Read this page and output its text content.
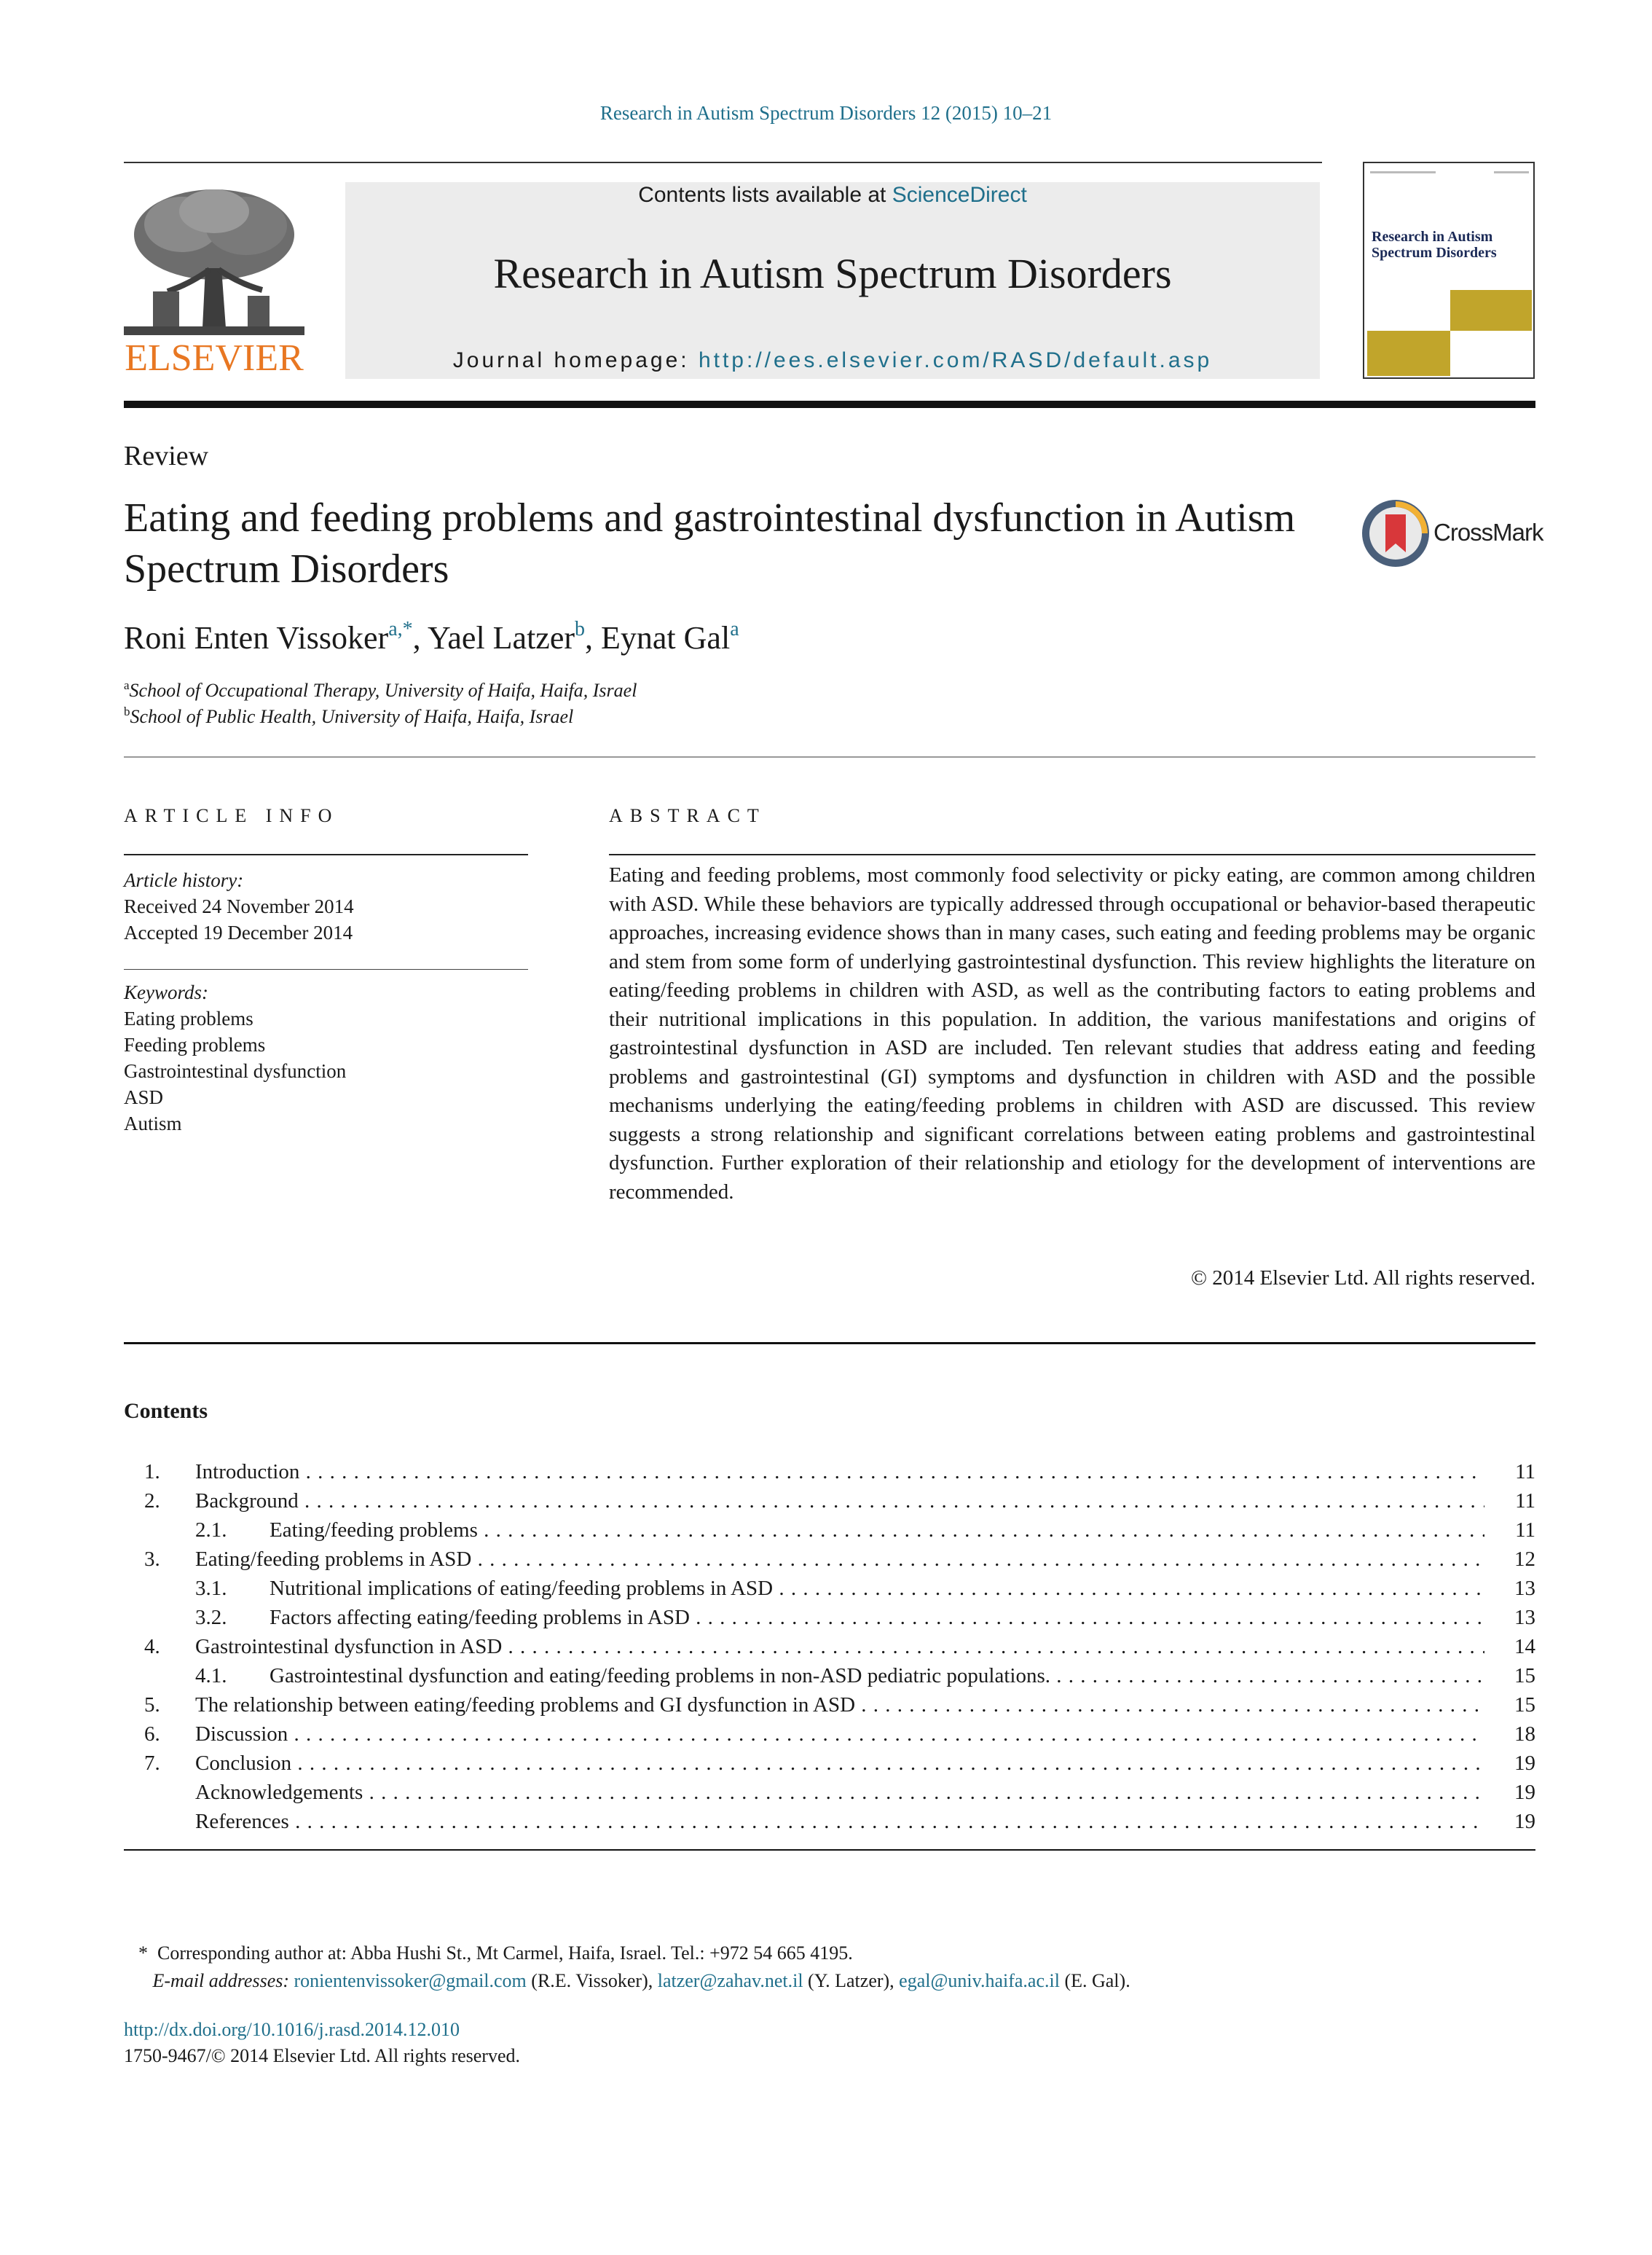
Research in Autism Spectrum Disorders 12 (2015) 10–21
ELSEVIER
Contents lists available at ScienceDirect
Research in Autism Spectrum Disorders
Journal homepage: http://ees.elsevier.com/RASD/default.asp
Research in Autism Spectrum Disorders
Review
Eating and feeding problems and gastrointestinal dysfunction in Autism Spectrum Disorders
CrossMark
Roni Enten Vissoker$^{a,*}$, Yael Latzer$^b$, Eynat Gal$^a$
$^a$School of Occupational Therapy, University of Haifa, Haifa, Israel
$^b$School of Public Health, University of Haifa, Haifa, Israel
ARTICLE INFO
Article history:
Received 24 November 2014
Accepted 19 December 2014
Keywords:
Eating problems
Feeding problems
Gastrointestinal dysfunction
ASD
Autism
ABSTRACT

Eating and feeding problems, most commonly food selectivity or picky eating, are common among children with ASD. While these behaviors are typically addressed through occupational or behavior-based therapeutic approaches, increasing evidence shows than in many cases, such eating and feeding problems may be organic and stem from some form of underlying gastrointestinal dysfunction. This review highlights the literature on eating/feeding problems in children with ASD, as well as the contributing factors to eating problems and their nutritional implications in this population. In addition, the various manifestations and origins of gastrointestinal dysfunction in ASD are included. Ten relevant studies that address eating and feeding problems and gastrointestinal (GI) symptoms and dysfunction in children with ASD and the possible mechanisms underlying the eating/feeding problems in children with ASD are discussed. This review suggests a strong relationship and significant correlations between eating problems and gastrointestinal dysfunction. Further exploration of their relationship and etiology for the development of interventions are recommended.

© 2014 Elsevier Ltd. All rights reserved.
Contents
1.	Introduction . . .	11
2.	Background . . .	11
2.1. Eating/feeding problems . . .	11
3.	Eating/feeding problems in ASD . . .	12
3.1. Nutritional implications of eating/feeding problems in ASD . . .	13
3.2. Factors affecting eating/feeding problems in ASD . . .	13
4.	Gastrointestinal dysfunction in ASD . . .	14
4.1. Gastrointestinal dysfunction and eating/feeding problems in non-ASD pediatric populations. . . .	15
5.	The relationship between eating/feeding problems and GI dysfunction in ASD . . .	15
6.	Discussion . . .	18
7.	Conclusion . . .	19
Acknowledgements . . .	19
References . . .	19
* Corresponding author at: Abba Hushi St., Mt Carmel, Haifa, Israel. Tel.: +972 54 665 4195.
E-mail addresses: ronientenvissoker@gmail.com (R.E. Vissoker), latzer@zahav.net.il (Y. Latzer), egal@univ.haifa.ac.il (E. Gal).
http://dx.doi.org/10.1016/j.rasd.2014.12.010
1750-9467/© 2014 Elsevier Ltd. All rights reserved.
